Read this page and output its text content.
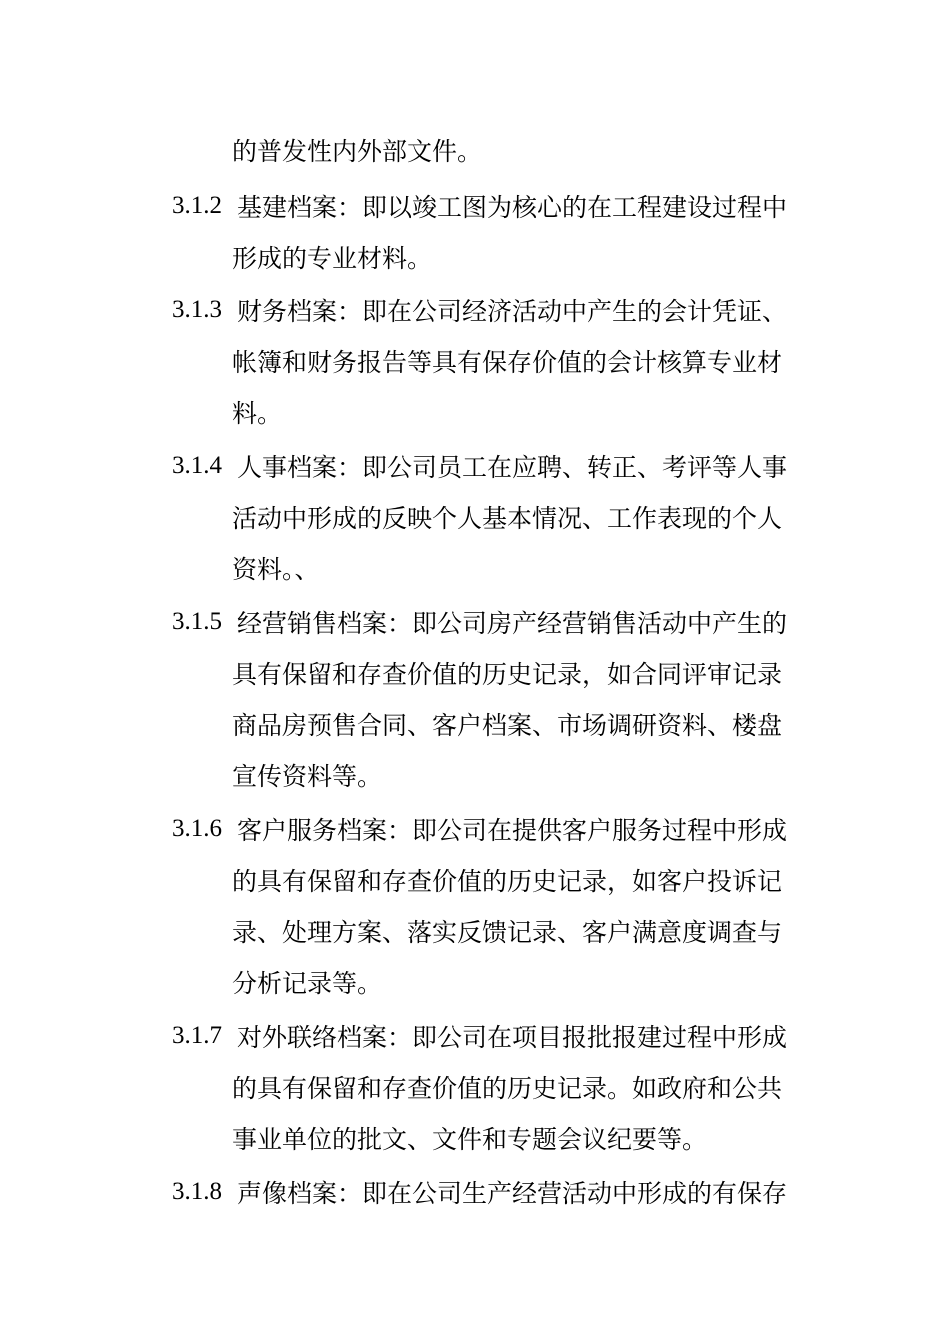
的普发性内外部文件。
3.1.2 基建档案：即以竣工图为核心的在工程建设过程中
形成的专业材料。
3.1.3 财务档案：即在公司经济活动中产生的会计凭证、
帐簿和财务报告等具有保存价值的会计核算专业材
料。
3.1.4 人事档案：即公司员工在应聘、转正、考评等人事
活动中形成的反映个人基本情况、工作表现的个人
资料。、
3.1.5 经营销售档案：即公司房产经营销售活动中产生的
具有保留和存查价值的历史记录，如合同评审记录
商品房预售合同、客户档案、市场调研资料、楼盘
宣传资料等。
3.1.6 客户服务档案：即公司在提供客户服务过程中形成
的具有保留和存查价值的历史记录，如客户投诉记
录、处理方案、落实反馈记录、客户满意度调查与
分析记录等。
3.1.7 对外联络档案：即公司在项目报批报建过程中形成
的具有保留和存查价值的历史记录。如政府和公共
事业单位的批文、文件和专题会议纪要等。
3.1.8 声像档案：即在公司生产经营活动中形成的有保存
